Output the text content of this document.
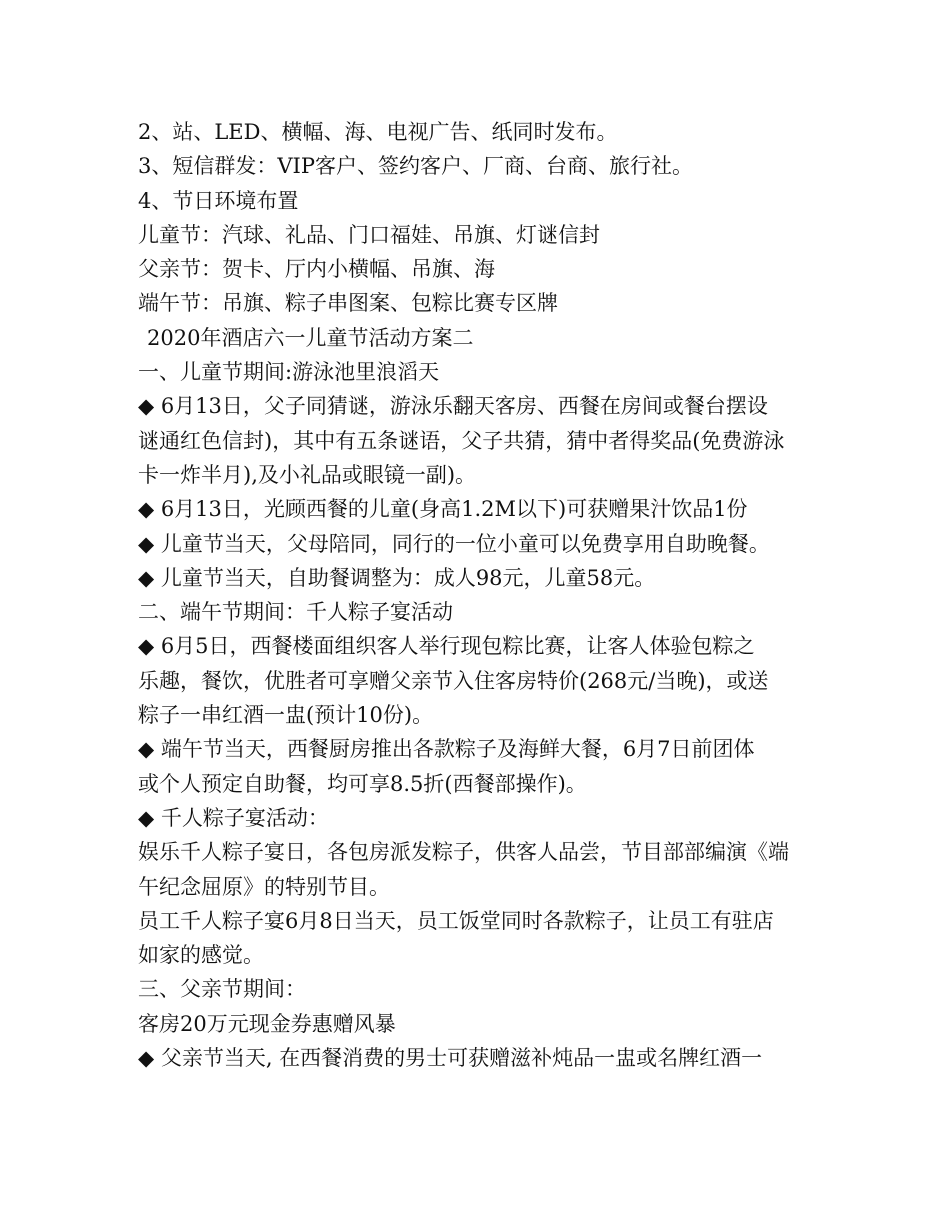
2、站、LED、横幅、海、电视广告、纸同时发布。
3、短信群发：VIP客户、签约客户、厂商、台商、旅行社。
4、节日环境布置
儿童节：汽球、礼品、门口福娃、吊旗、灯谜信封
父亲节：贺卡、厅内小横幅、吊旗、海
端午节：吊旗、粽子串图案、包粽比赛专区牌
2020年酒店六一儿童节活动方案二
一、儿童节期间:游泳池里浪滔天
◆ 6月13日，父子同猜谜，游泳乐翻天客房、西餐在房间或餐台摆设
谜通红色信封)，其中有五条谜语，父子共猜，猜中者得奖品(免费游泳
卡一炸半月),及小礼品或眼镜一副)。
◆ 6月13日，光顾西餐的儿童(身高1.2M以下)可获赠果汁饮品1份
◆ 儿童节当天，父母陪同，同行的一位小童可以免费享用自助晚餐。
◆ 儿童节当天，自助餐调整为：成人98元，儿童58元。
二、端午节期间：千人粽子宴活动
◆ 6月5日，西餐楼面组织客人举行现包粽比赛，让客人体验包粽之
乐趣，餐饮，优胜者可享赠父亲节入住客房特价(268元/当晚)，或送
粽子一串红酒一盅(预计10份)。
◆ 端午节当天，西餐厨房推出各款粽子及海鲜大餐，6月7日前团体
或个人预定自助餐，均可享8.5折(西餐部操作)。
◆ 千人粽子宴活动：
娱乐千人粽子宴日，各包房派发粽子，供客人品尝，节目部部编演《端
午纪念屈原》的特别节目。
员工千人粽子宴6月8日当天，员工饭堂同时各款粽子，让员工有驻店
如家的感觉。
三、父亲节期间：
客房20万元现金券惠赠风暴
◆ 父亲节当天, 在西餐消费的男士可获赠滋补炖品一盅或名牌红酒一
